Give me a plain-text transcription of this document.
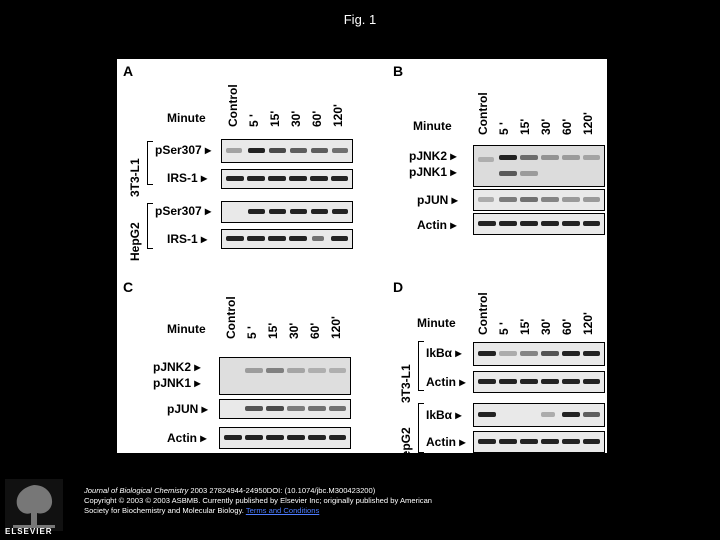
Fig. 1
A
Minute Control 5 ' 15' 30' 60' 120'
3T3-L1
HepG2
pSer307 ▸
IRS-1 ▸
pSer307 ▸
IRS-1 ▸
B
Minute Control 5 ' 15' 30' 60' 120'
pJNK2 ▸
pJNK1 ▸
pJUN ▸
Actin ▸
C
Minute Control 5 ' 15' 30' 60' 120'
pJNK2 ▸
pJNK1 ▸
pJUN ▸
Actin ▸
D
Minute Control 5 ' 15' 30' 60' 120'
3T3-L1
HepG2
IkBα ▸
Actin ▸
IkBα ▸
Actin ▸
ELSEVIER
Journal of Biological Chemistry 2003 27824944-24950DOI: (10.1074/jbc.M300423200)
Copyright © 2003 © 2003 ASBMB. Currently published by Elsevier Inc; originally published by American
Society for Biochemistry and Molecular Biology. Terms and Conditions
